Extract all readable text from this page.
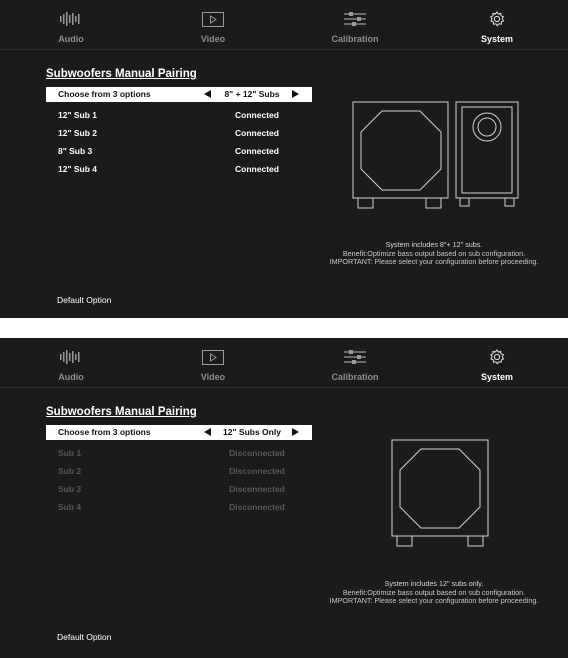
Audio	Video	Calibration	System
Subwoofers Manual Pairing
Choose from 3 options	8" + 12" Subs
12" Sub 1	Connected
12" Sub 2	Connected
8" Sub 3	Connected
12" Sub 4	Connected
System includes 8"+ 12" subs.
Benefit:Optimize bass output based on sub configuration.
IMPORTANT: Please select your configuration before proceeding.
Default Option
Audio	Video	Calibration	System
Subwoofers Manual Pairing
Choose from 3 options	12" Subs Only
Sub 1	Disconnected
Sub 2	Disconnected
Sub 3	Disconnected
Sub 4	Disconnected
System includes 12" subs only.
Benefit:Optimize bass output based on sub configuration.
IMPORTANT: Please select your configuration before proceeding.
Default Option
